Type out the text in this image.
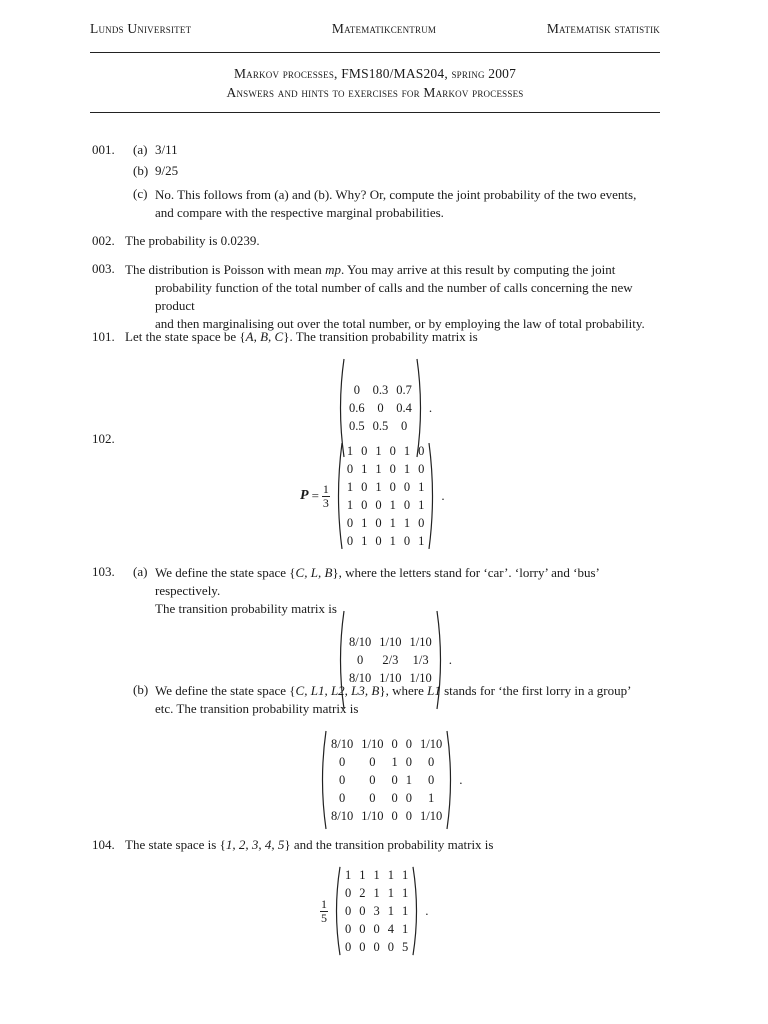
Lunds Universitet	Matematikcentrum	Matematisk statistik
Markov processes, FMS180/MAS204, spring 2007
Answers and hints to exercises for Markov processes
001. (a) 3/11
(b) 9/25
(c) No. This follows from (a) and (b). Why? Or, compute the joint probability of the two events,
and compare with the respective marginal probabilities.
002. The probability is 0.0239.
003. The distribution is Poisson with mean mp. You may arrive at this result by computing the joint
probability function of the total number of calls and the number of calls concerning the new product
and then marginalising out over the total number, or by employing the law of total probability.
101. Let the state space be {A, B, C}. The transition probability matrix is
0	0.3	0.7
0.6	0	0.4
0.5	0.5	0
.
102.
$P = \frac{1}{3}$
1	0	1	0	1	0
0	1	1	0	1	0
1	0	1	0	0	1
1	0	0	1	0	1
0	1	0	1	1	0
0	1	0	1	0	1
.
103. (a) We define the state space {C, L, B}, where the letters stand for ‘car’. ‘lorry’ and ‘bus’ respectively.
The transition probability matrix is
8/10	1/10	1/10
0	2/3	1/3
8/10	1/10	1/10
.
(b) We define the state space {C, L1, L2, L3, B}, where L1 stands for ‘the first lorry in a group’
etc. The transition probability matrix is
8/10	1/10	0	0	1/10
0	0	1	0	0
0	0	0	1	0
0	0	0	0	1
8/10	1/10	0	0	1/10
.
104. The state space is {1, 2, 3, 4, 5} and the transition probability matrix is
$\frac{1}{5}$
1	1	1	1	1
0	2	1	1	1
0	0	3	1	1
0	0	0	4	1
0	0	0	0	5
.
